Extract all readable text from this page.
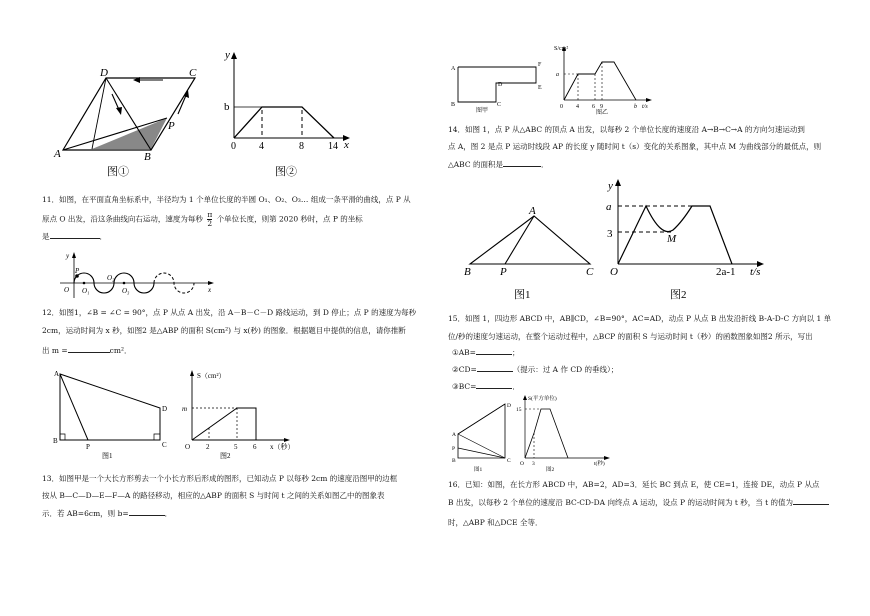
A	B
C
D
P
图①
y
x
b
0 4	8 14
图②
11．如图，在平面直角坐标系中，半径均为 1 个单位长度的半圆 O₁、O₂、O₃… 组成一条平滑的曲线，点 P 从
原点 O 出发，沿这条曲线向右运动，速度为每秒 $\frac{\pi}{2}$ 个单位长度，则第 2020 秒时，点 P 的坐标
是	．
y
x
O
P
O₁
O₂
O₃
12．如图1，∠B = ∠C = 90°，点 P 从点 A 出发，沿 A－B－C－D 路线运动，到 D 停止；点 P 的速度为每秒
2cm，运动时间为 x 秒，如图2 是△ABP 的面积 S(cm²) 与 x(秒) 的图象．根据题目中提供的信息，请你推断
出 m =	cm²．
A
B
P	C
D
图1
S（cm²）
m
O 2	5 6 x（秒）
图2
13．如图甲是一个大长方形剪去一个小长方形后形成的图形，已知动点 P 以每秒 2cm 的速度沿图甲的边框
按从 B—C—D—E—F—A 的路径移动，相应的△ABP 的面积 S 与时间 t 之间的关系如图乙中的图象表
示．若 AB=6cm，则 b=	．
A
F
E
D
B	C
图甲
S/cm²
a
0 4 6 9	b t/s
图乙
14．如图 1，点 P 从△ABC 的顶点 A 出发，以每秒 2 个单位长度的速度沿 A→B→C→A 的方向匀速运动到
点 A，图 2 是点 P 运动时线段 AP 的长度 y 随时间 t（s）变化的关系图象，其中点 M 为曲线部分的最低点，则
△ABC 的面积是	．
A
B	P	C
图1
y
a
3	M
O	2a-1 t/s
图2
15．如图 1，四边形 ABCD 中，AB∥CD，∠B=90°，AC=AD，动点 P 从点 B 出发沿折线 B-A-D-C 方向以 1 单
位/秒的速度匀速运动，在整个运动过程中，△BCP 的面积 S 与运动时间 t（秒）的函数图象如图2 所示，写出
①AB=	；
②CD=	（提示：过 A 作 CD 的垂线）；
③BC=	．
D
A
P
B	C
图1
S(平方单位)
15
O 3	t(秒)
图2
16．已知：如图，在长方形 ABCD 中，AB=2，AD=3．延长 BC 到点 E，使 CE=1，连接 DE，动点 P 从点
B 出发，以每秒 2 个单位的速度沿 BC-CD-DA 向终点 A 运动，设点 P 的运动时间为 t 秒，当 t 的值为
时，△ABP 和△DCE 全等．
